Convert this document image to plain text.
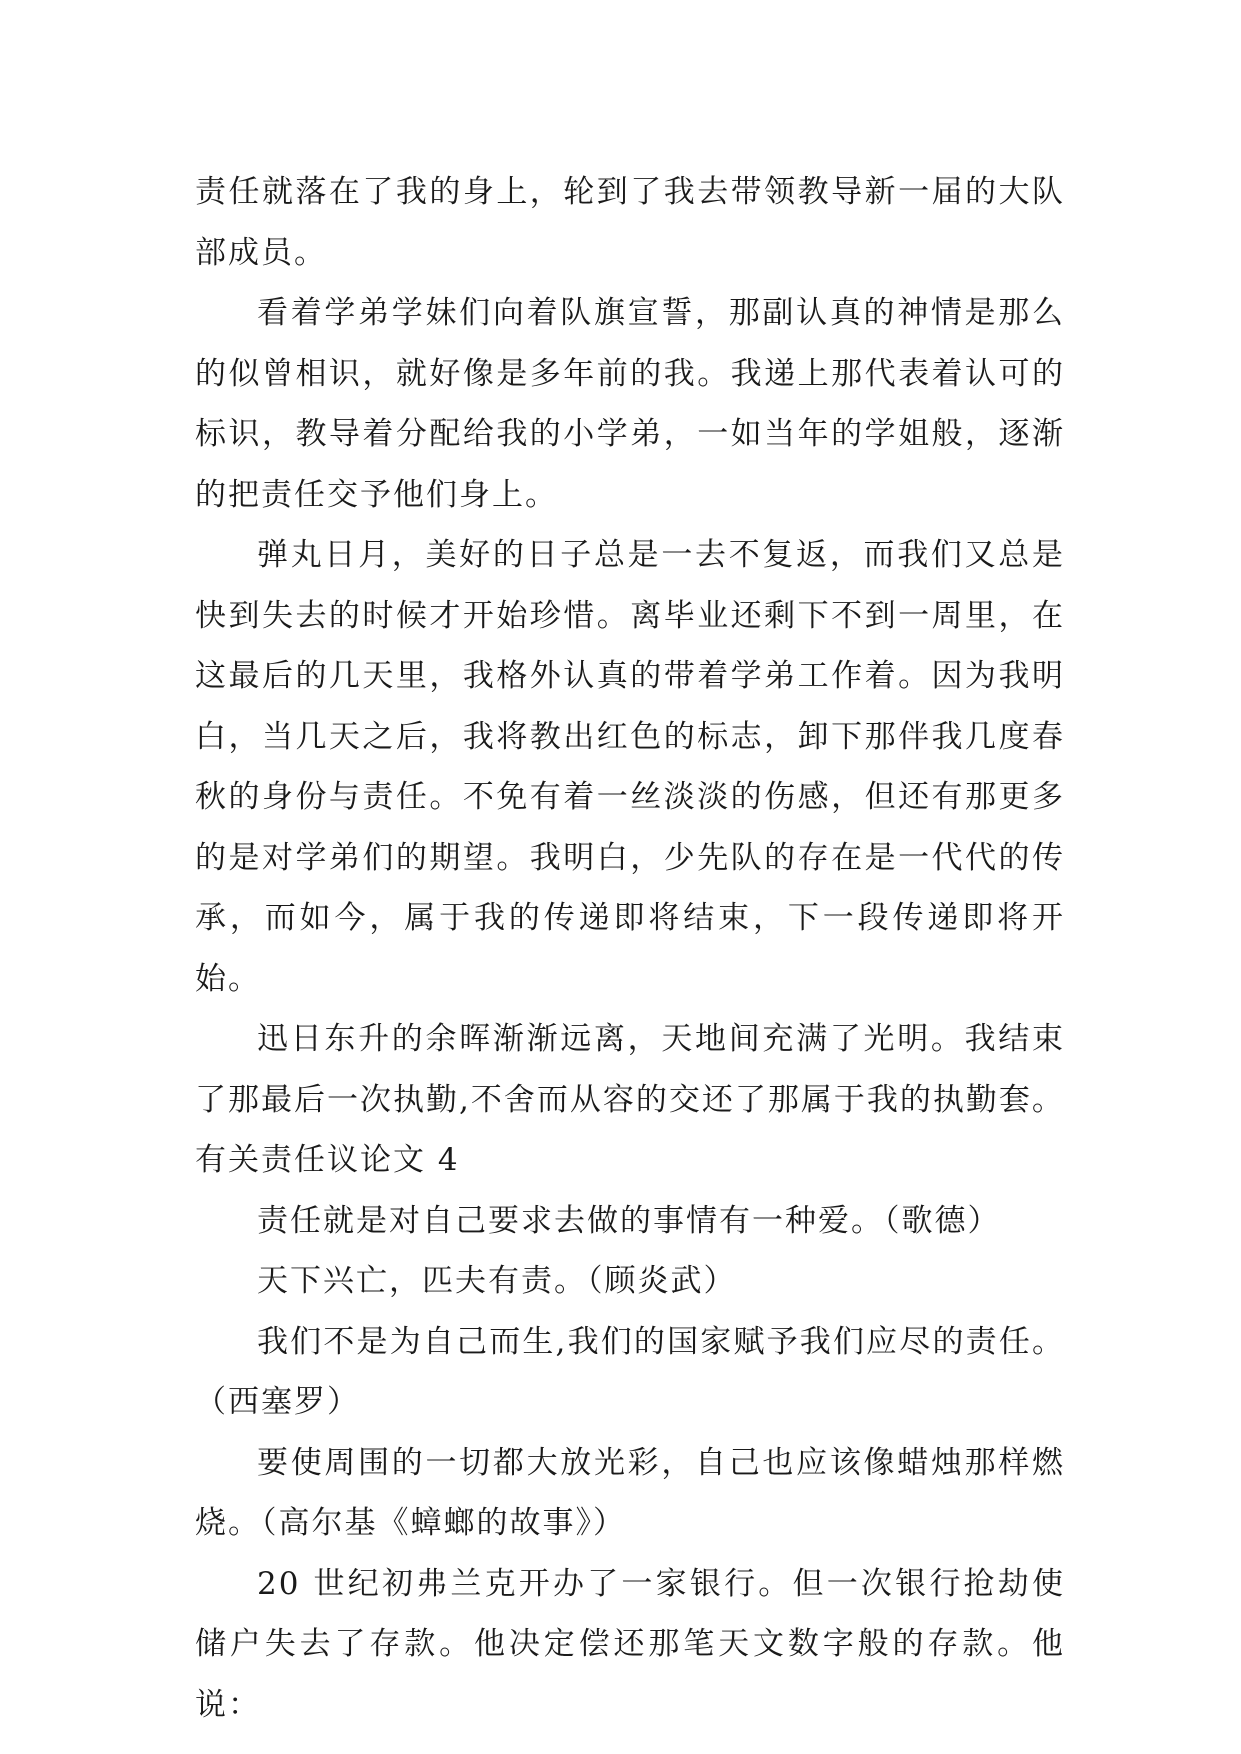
责任就落在了我的身上，轮到了我去带领教导新一届的大队部成员。

看着学弟学妹们向着队旗宣誓，那副认真的神情是那么的似曾相识，就好像是多年前的我。我递上那代表着认可的标识，教导着分配给我的小学弟，一如当年的学姐般，逐渐的把责任交予他们身上。

弹丸日月，美好的日子总是一去不复返，而我们又总是快到失去的时候才开始珍惜。离毕业还剩下不到一周里，在这最后的几天里，我格外认真的带着学弟工作着。因为我明白，当几天之后，我将教出红色的标志，卸下那伴我几度春秋的身份与责任。不免有着一丝淡淡的伤感，但还有那更多的是对学弟们的期望。我明白，少先队的存在是一代代的传承，而如今，属于我的传递即将结束，下一段传递即将开始。

迅日东升的余晖渐渐远离，天地间充满了光明。我结束了那最后一次执勤,不舍而从容的交还了那属于我的执勤套。

有关责任议论文 4

责任就是对自己要求去做的事情有一种爱。（歌德）

天下兴亡，匹夫有责。（顾炎武）

我们不是为自己而生,我们的国家赋予我们应尽的责任。（西塞罗）

要使周围的一切都大放光彩，自己也应该像蜡烛那样燃烧。（高尔基《蟑螂的故事》）

20 世纪初弗兰克开办了一家银行。但一次银行抢劫使储户失去了存款。他决定偿还那笔天文数字般的存款。他说：
